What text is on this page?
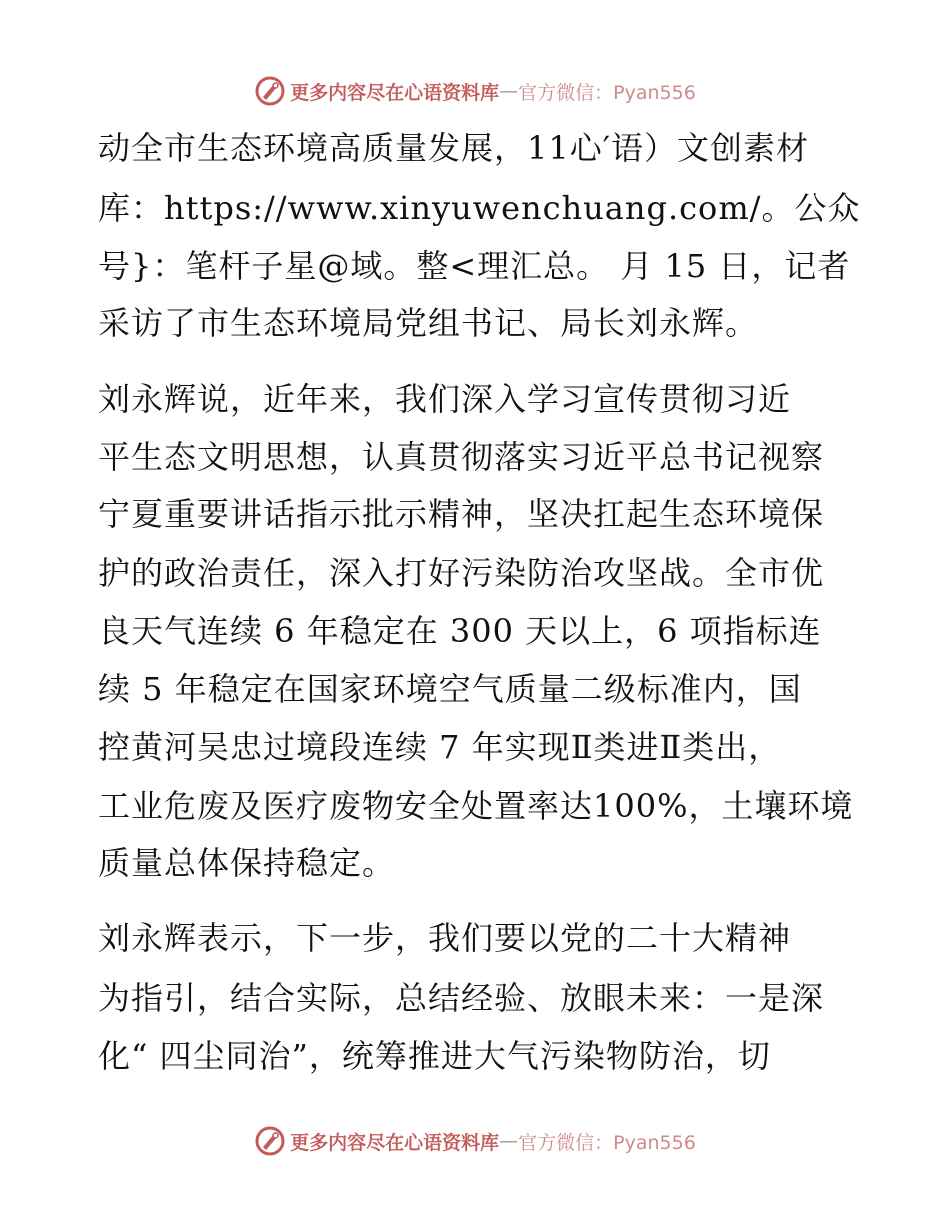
更多内容尽在心语资料库 — 官方微信：Pyan556
动全市生态环境高质量发展，11心′语）文创素材
库：https://www.xinyuwenchuang.com/。公众
号}：笔杆子星@域。整<理汇总。 月 15 日，记者
采访了市生态环境局党组书记、局长刘永辉。
刘永辉说，近年来，我们深入学习宣传贯彻习近
平生态文明思想，认真贯彻落实习近平总书记视察
宁夏重要讲话指示批示精神，坚决扛起生态环境保
护的政治责任，深入打好污染防治攻坚战。全市优
良天气连续 6 年稳定在 300 天以上，6 项指标连
续 5 年稳定在国家环境空气质量二级标准内，国
控黄河吴忠过境段连续 7 年实现Ⅱ类进Ⅱ类出，
工业危废及医疗废物安全处置率达100%，土壤环境
质量总体保持稳定。
刘永辉表示，下一步，我们要以党的二十大精神
为指引，结合实际，总结经验、放眼未来：一是深
化“ 四尘同治”，统筹推进大气污染物防治，切
更多内容尽在心语资料库 — 官方微信：Pyan556
